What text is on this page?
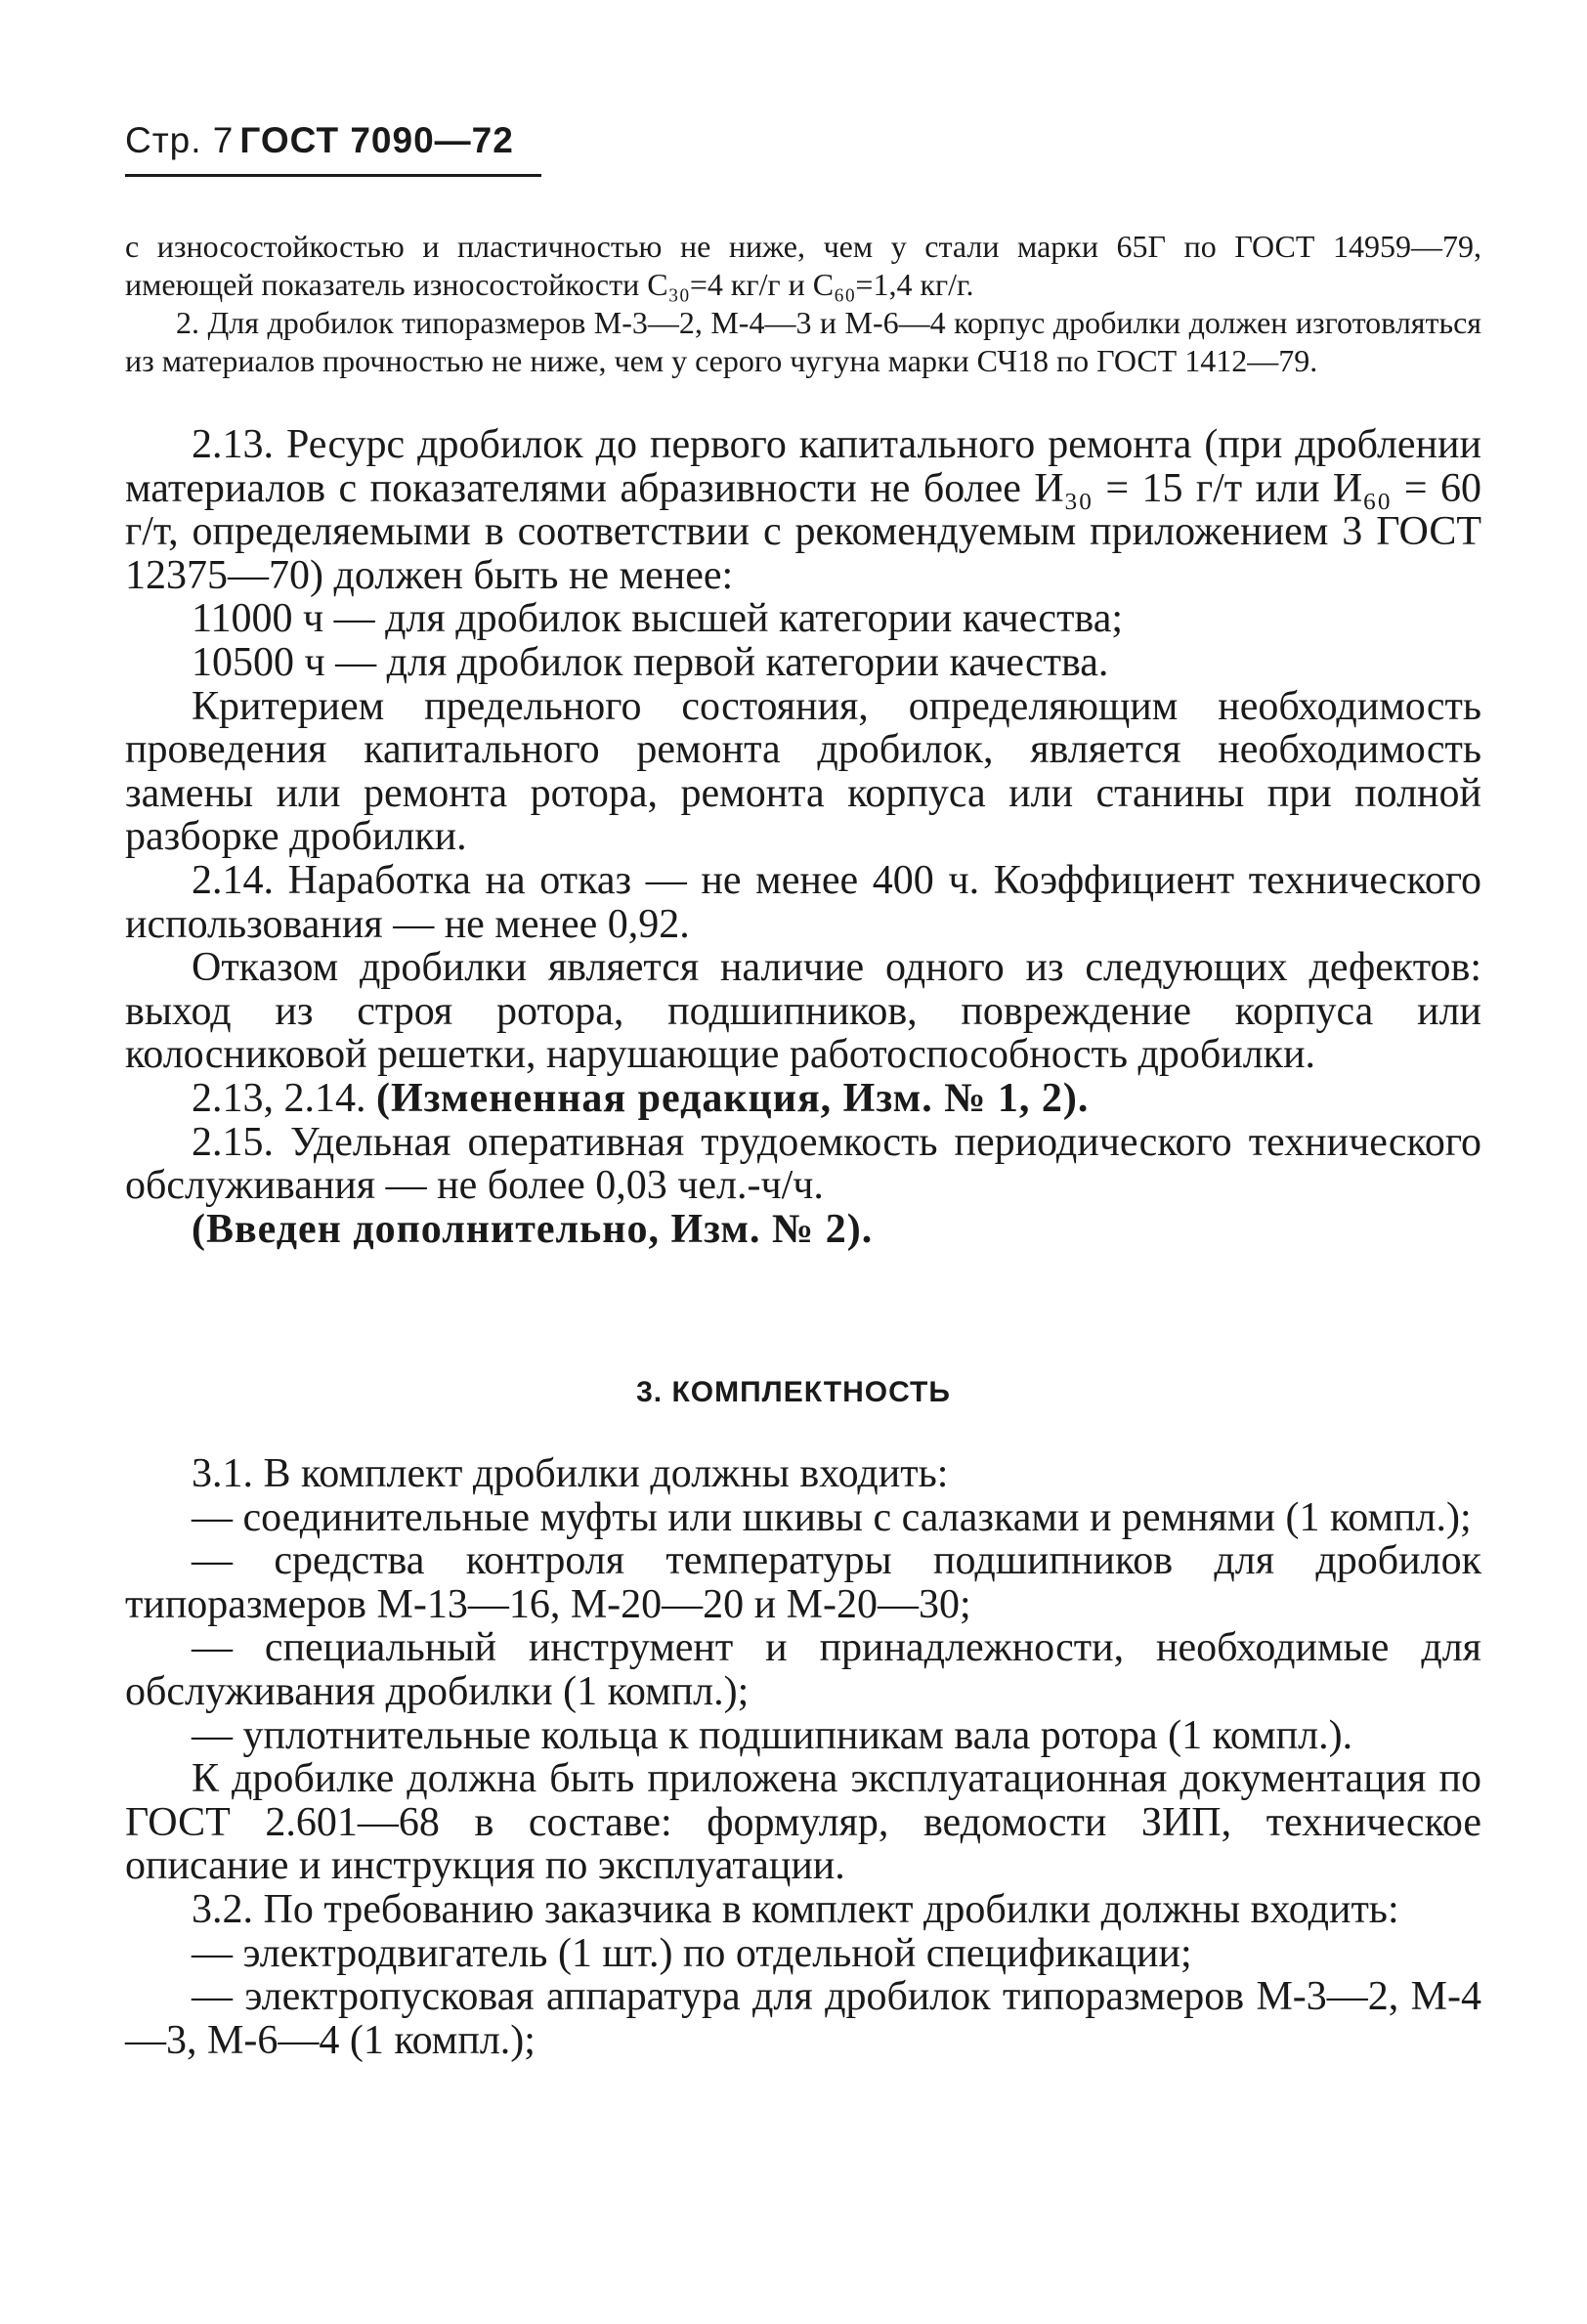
Стр. 7 ГОСТ 7090—72

с износостойкостью и пластичностью не ниже, чем у стали марки 65Г по ГОСТ 14959—79, имеющей показатель износостойкости C₃₀=4 кг/г и C₆₀=1,4 кг/г.

2. Для дробилок типоразмеров М-3—2, М-4—3 и М-6—4 корпус дробилки должен изготовляться из материалов прочностью не ниже, чем у серого чугуна марки СЧ18 по ГОСТ 1412—79.

2.13. Ресурс дробилок до первого капитального ремонта (при дроблении материалов с показателями абразивности не более И₃₀ = 15 г/т или И₆₀ = 60 г/т, определяемыми в соответствии с рекомендуемым приложением 3 ГОСТ 12375—70) должен быть не менее:

11000 ч — для дробилок высшей категории качества;

10500 ч — для дробилок первой категории качества.

Критерием предельного состояния, определяющим необходимость проведения капитального ремонта дробилок, является необходимость замены или ремонта ротора, ремонта корпуса или станины при полной разборке дробилки.

2.14. Наработка на отказ — не менее 400 ч. Коэффициент технического использования — не менее 0,92.

Отказом дробилки является наличие одного из следующих дефектов: выход из строя ротора, подшипников, повреждение корпуса или колосниковой решетки, нарушающие работоспособность дробилки.

2.13, 2.14. (Измененная редакция, Изм. № 1, 2).

2.15. Удельная оперативная трудоемкость периодического технического обслуживания — не более 0,03 чел.-ч/ч.

(Введен дополнительно, Изм. № 2).

3. КОМПЛЕКТНОСТЬ

3.1. В комплект дробилки должны входить:

— соединительные муфты или шкивы с салазками и ремнями (1 компл.);

— средства контроля температуры подшипников для дробилок типоразмеров М-13—16, М-20—20 и М-20—30;

— специальный инструмент и принадлежности, необходимые для обслуживания дробилки (1 компл.);

— уплотнительные кольца к подшипникам вала ротора (1 компл.).

К дробилке должна быть приложена эксплуатационная документация по ГОСТ 2.601—68 в составе: формуляр, ведомости ЗИП, техническое описание и инструкция по эксплуатации.

3.2. По требованию заказчика в комплект дробилки должны входить:

— электродвигатель (1 шт.) по отдельной спецификации;

— электропусковая аппаратура для дробилок типоразмеров М-3—2, М-4—3, М-6—4 (1 компл.);
